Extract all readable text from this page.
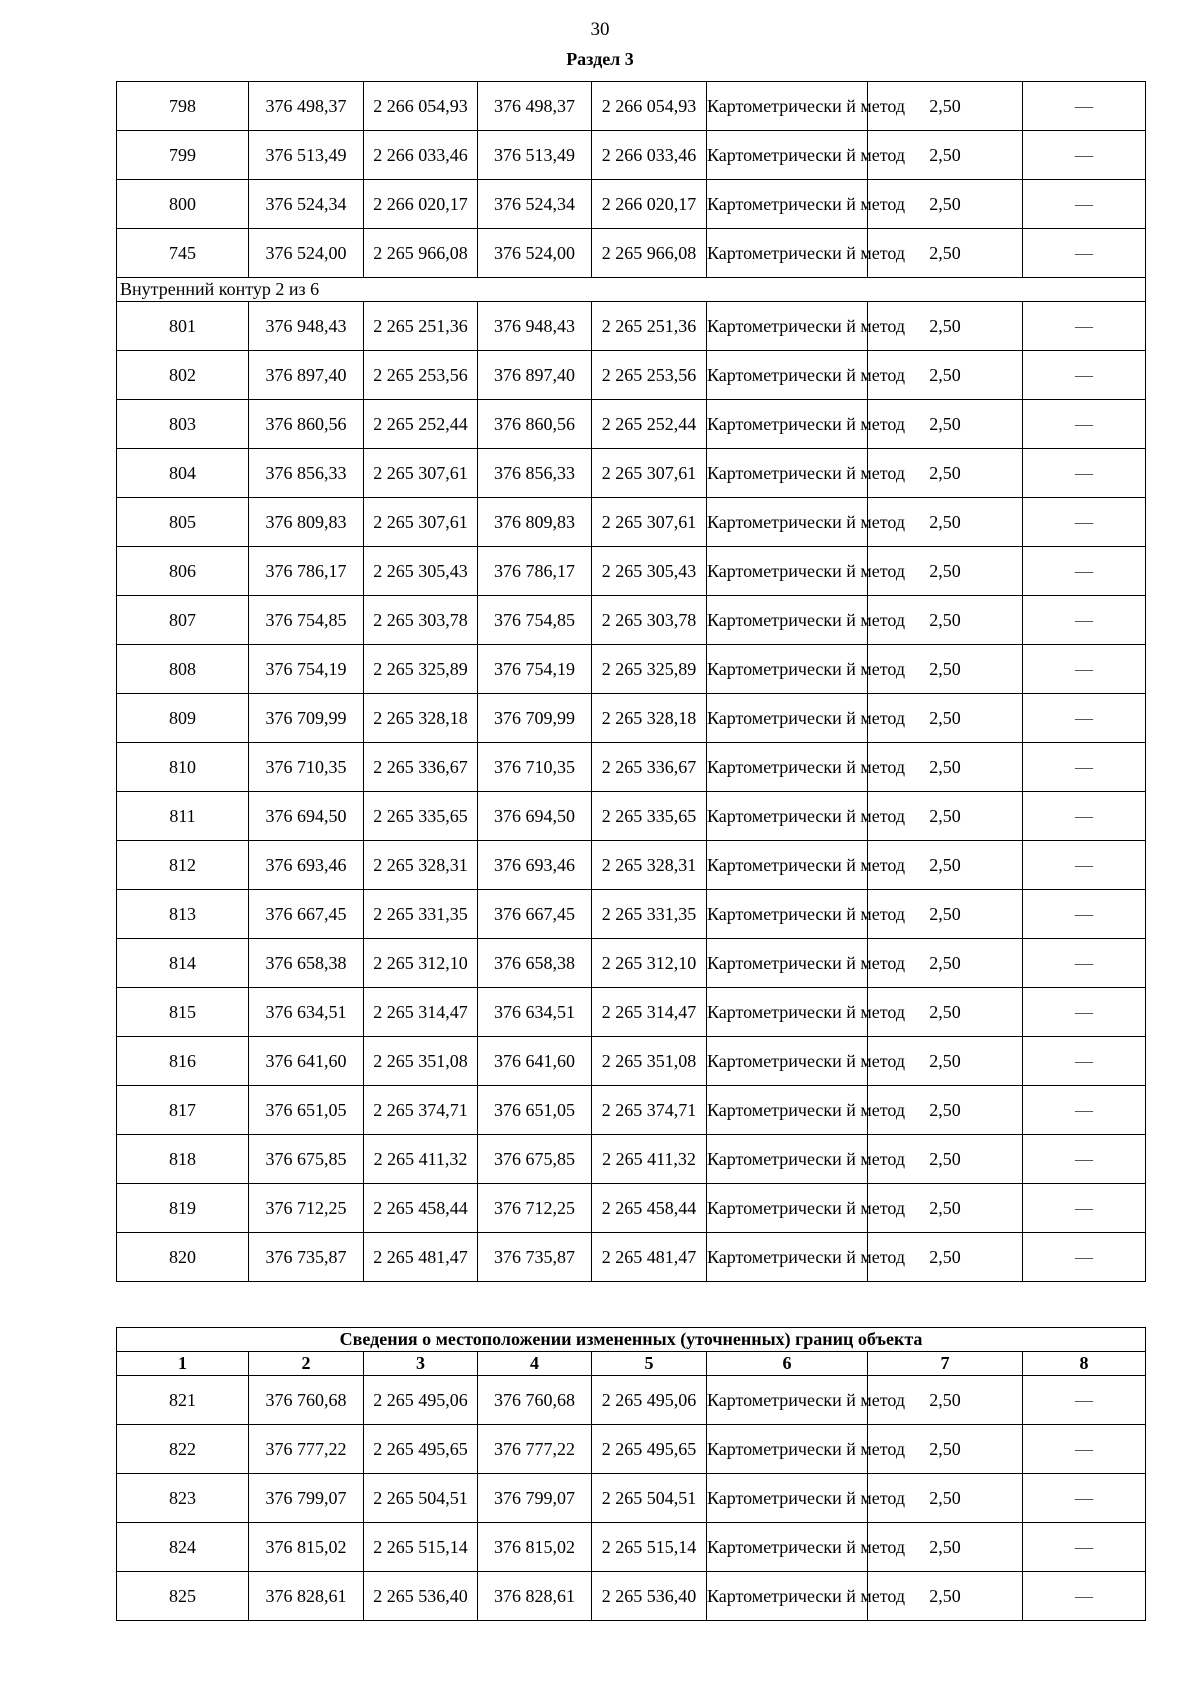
30
Раздел 3
798	376 498,37	2 266 054,93	376 498,37	2 266 054,93	Картометрически й метод	2,50	—
799	376 513,49	2 266 033,46	376 513,49	2 266 033,46	Картометрически й метод	2,50	—
800	376 524,34	2 266 020,17	376 524,34	2 266 020,17	Картометрически й метод	2,50	—
745	376 524,00	2 265 966,08	376 524,00	2 265 966,08	Картометрически й метод	2,50	—
Внутренний контур 2 из 6							
801	376 948,43	2 265 251,36	376 948,43	2 265 251,36	Картометрически й метод	2,50	—
802	376 897,40	2 265 253,56	376 897,40	2 265 253,56	Картометрически й метод	2,50	—
803	376 860,56	2 265 252,44	376 860,56	2 265 252,44	Картометрически й метод	2,50	—
804	376 856,33	2 265 307,61	376 856,33	2 265 307,61	Картометрически й метод	2,50	—
805	376 809,83	2 265 307,61	376 809,83	2 265 307,61	Картометрически й метод	2,50	—
806	376 786,17	2 265 305,43	376 786,17	2 265 305,43	Картометрически й метод	2,50	—
807	376 754,85	2 265 303,78	376 754,85	2 265 303,78	Картометрически й метод	2,50	—
808	376 754,19	2 265 325,89	376 754,19	2 265 325,89	Картометрически й метод	2,50	—
809	376 709,99	2 265 328,18	376 709,99	2 265 328,18	Картометрически й метод	2,50	—
810	376 710,35	2 265 336,67	376 710,35	2 265 336,67	Картометрически й метод	2,50	—
811	376 694,50	2 265 335,65	376 694,50	2 265 335,65	Картометрически й метод	2,50	—
812	376 693,46	2 265 328,31	376 693,46	2 265 328,31	Картометрически й метод	2,50	—
813	376 667,45	2 265 331,35	376 667,45	2 265 331,35	Картометрически й метод	2,50	—
814	376 658,38	2 265 312,10	376 658,38	2 265 312,10	Картометрически й метод	2,50	—
815	376 634,51	2 265 314,47	376 634,51	2 265 314,47	Картометрически й метод	2,50	—
816	376 641,60	2 265 351,08	376 641,60	2 265 351,08	Картометрически й метод	2,50	—
817	376 651,05	2 265 374,71	376 651,05	2 265 374,71	Картометрически й метод	2,50	—
818	376 675,85	2 265 411,32	376 675,85	2 265 411,32	Картометрически й метод	2,50	—
819	376 712,25	2 265 458,44	376 712,25	2 265 458,44	Картометрически й метод	2,50	—
820	376 735,87	2 265 481,47	376 735,87	2 265 481,47	Картометрически й метод	2,50	—
Сведения о местоположении измененных (уточненных) границ объекта							
1	2	3	4	5	6	7	8
821	376 760,68	2 265 495,06	376 760,68	2 265 495,06	Картометрически й метод	2,50	—
822	376 777,22	2 265 495,65	376 777,22	2 265 495,65	Картометрически й метод	2,50	—
823	376 799,07	2 265 504,51	376 799,07	2 265 504,51	Картометрически й метод	2,50	—
824	376 815,02	2 265 515,14	376 815,02	2 265 515,14	Картометрически й метод	2,50	—
825	376 828,61	2 265 536,40	376 828,61	2 265 536,40	Картометрически й метод	2,50	—
